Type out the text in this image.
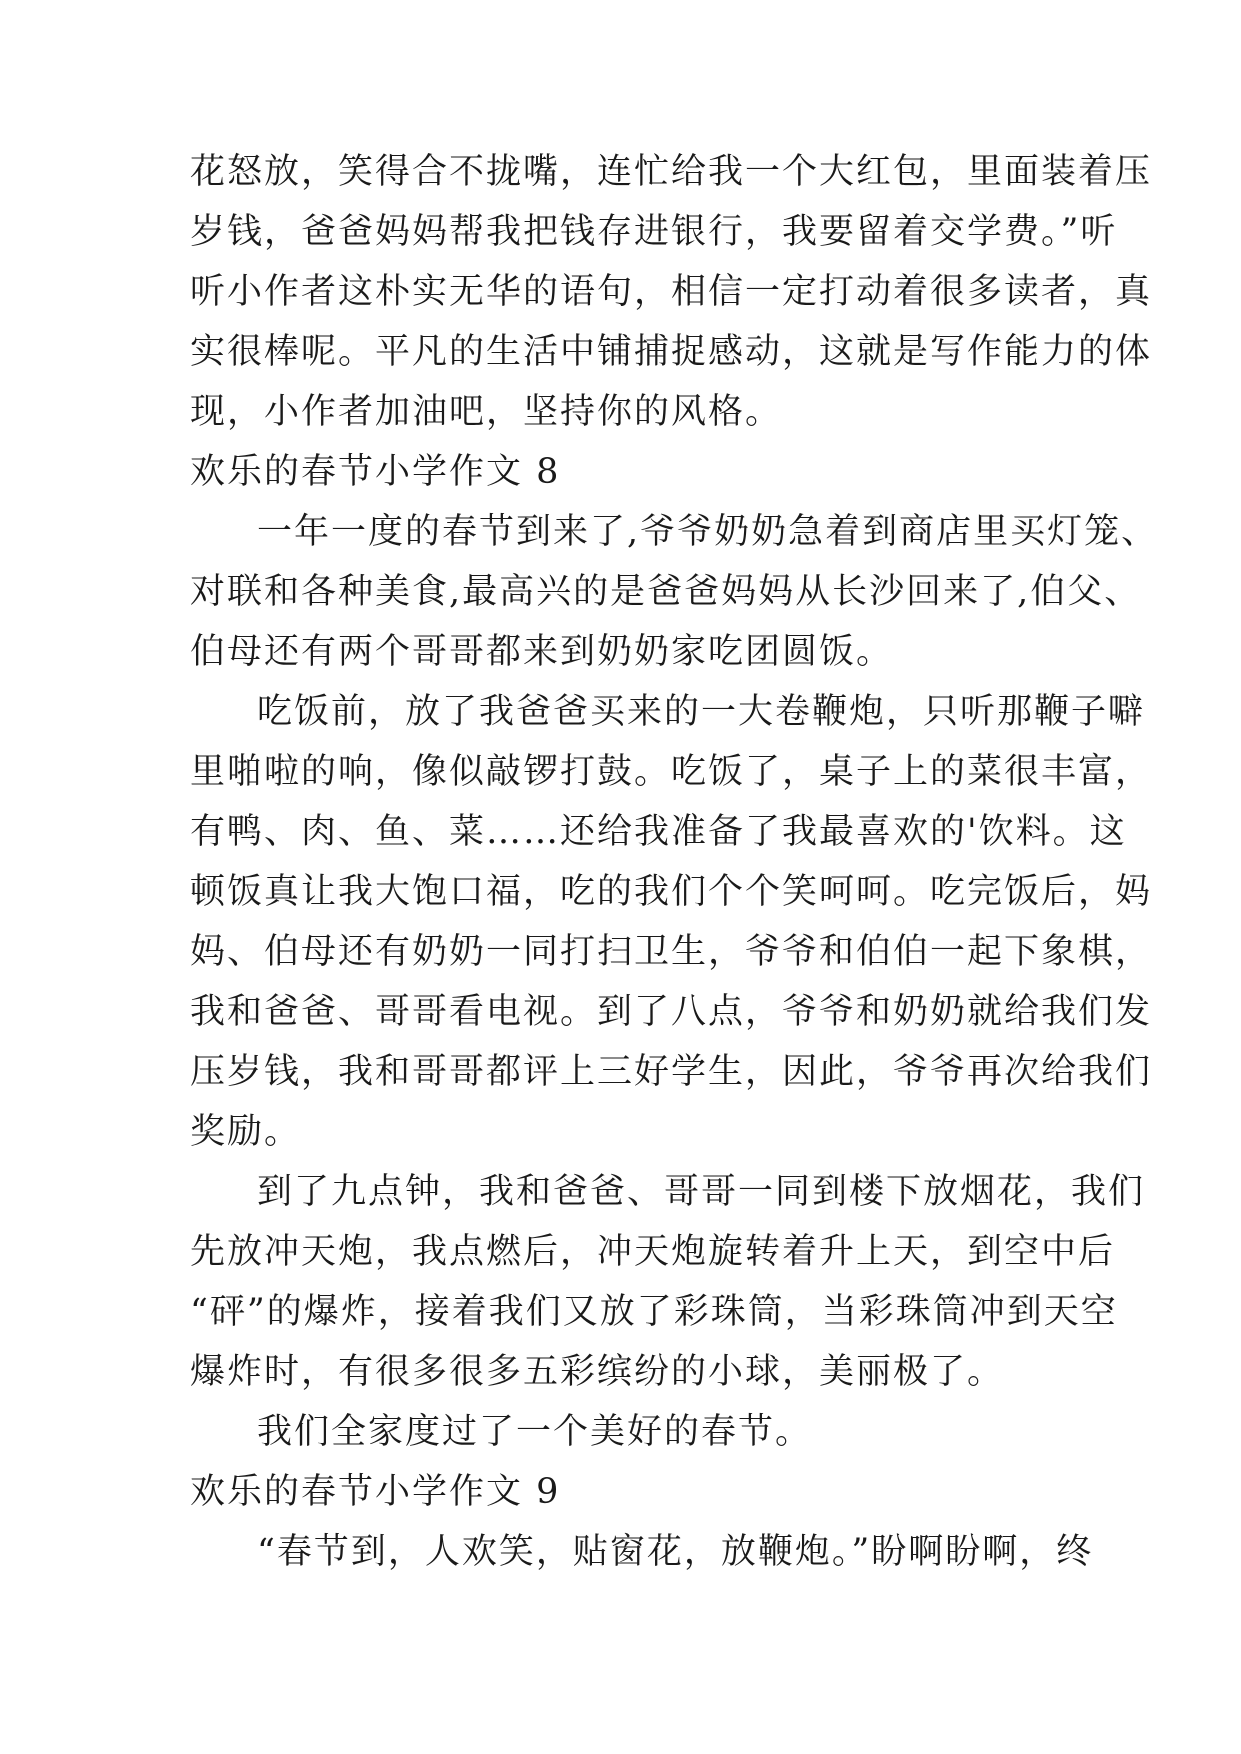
花怒放，笑得合不拢嘴，连忙给我一个大红包，里面装着压
岁钱，爸爸妈妈帮我把钱存进银行，我要留着交学费。”听
听小作者这朴实无华的语句，相信一定打动着很多读者，真
实很棒呢。平凡的生活中铺捕捉感动，这就是写作能力的体
现，小作者加油吧，坚持你的风格。
欢乐的春节小学作文 8
一年一度的春节到来了,爷爷奶奶急着到商店里买灯笼、
对联和各种美食,最高兴的是爸爸妈妈从长沙回来了,伯父、
伯母还有两个哥哥都来到奶奶家吃团圆饭。
吃饭前，放了我爸爸买来的一大卷鞭炮，只听那鞭子噼
里啪啦的响，像似敲锣打鼓。吃饭了，桌子上的菜很丰富，
有鸭、肉、鱼、菜……还给我准备了我最喜欢的'饮料。这
顿饭真让我大饱口福，吃的我们个个笑呵呵。吃完饭后，妈
妈、伯母还有奶奶一同打扫卫生，爷爷和伯伯一起下象棋，
我和爸爸、哥哥看电视。到了八点，爷爷和奶奶就给我们发
压岁钱，我和哥哥都评上三好学生，因此，爷爷再次给我们
奖励。
到了九点钟，我和爸爸、哥哥一同到楼下放烟花，我们
先放冲天炮，我点燃后，冲天炮旋转着升上天，到空中后
“砰”的爆炸，接着我们又放了彩珠筒，当彩珠筒冲到天空
爆炸时，有很多很多五彩缤纷的小球，美丽极了。
我们全家度过了一个美好的春节。
欢乐的春节小学作文 9
“春节到，人欢笑，贴窗花，放鞭炮。”盼啊盼啊，终
